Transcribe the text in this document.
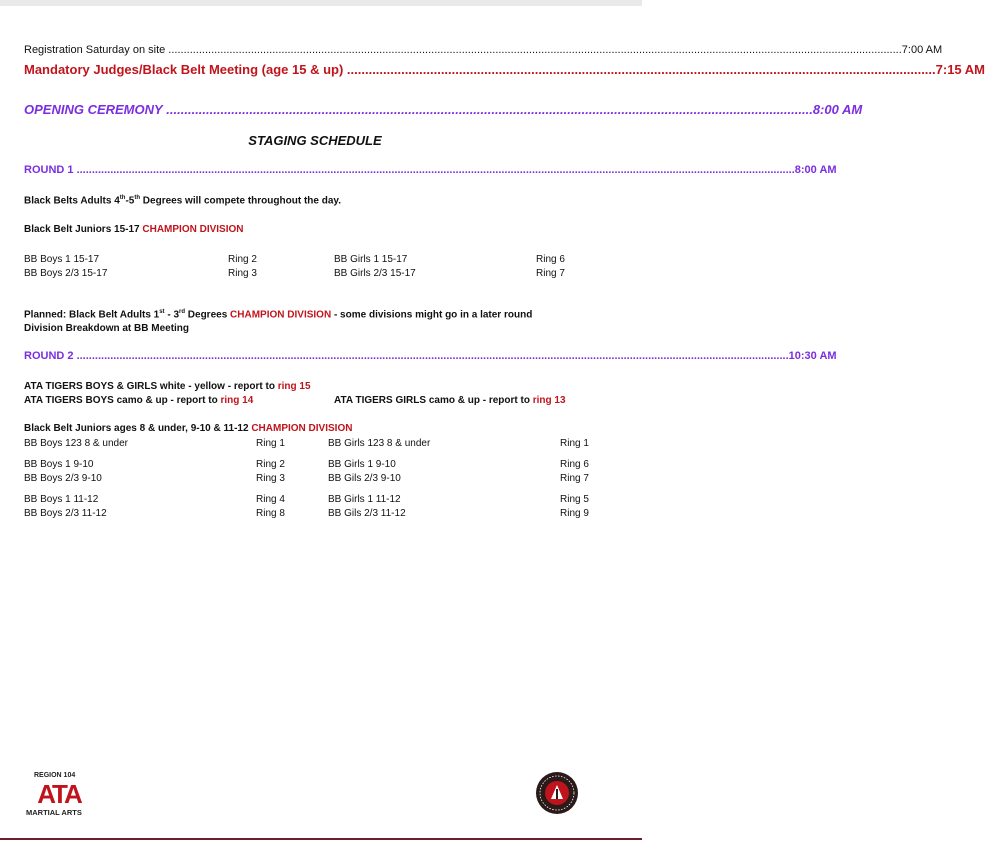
Registration Saturday on site ................................................................................................................................................................................................................................................ 7:00 AM
Mandatory Judges/Black Belt Meeting (age 15 & up) ................................................................................................................................................................... 7:15 AM
OPENING CEREMONY ................................................................................................................................................................................... 8:00 AM
STAGING SCHEDULE
ROUND 1 ........................................................................................................................................................................................................................................... 8:00 AM
Black Belts Adults 4th-5th Degrees will compete throughout the day.
Black Belt Juniors 15-17 CHAMPION DIVISION
BB Boys 1 15-17	Ring 2	BB Girls 1 15-17	Ring 6
BB Boys 2/3 15-17	Ring 3	BB Girls 2/3 15-17	Ring 7
Planned: Black Belt Adults 1st - 3rd Degrees CHAMPION DIVISION - some divisions might go in a later round
Division Breakdown at BB Meeting
ROUND 2 ......................................................................................................................................................................................................................................... 10:30 AM
ATA TIGERS BOYS & GIRLS white - yellow - report to ring 15
ATA TIGERS BOYS camo & up - report to ring 14	ATA TIGERS GIRLS camo & up - report to ring 13
Black Belt Juniors ages 8 & under, 9-10 & 11-12 CHAMPION DIVISION
BB Boys 123 8 & under	Ring 1	BB Girls 123 8 & under	Ring 1
BB Boys 1 9-10	Ring 2	BB Girls 1 9-10	Ring 6
BB Boys 2/3 9-10	Ring 3	BB Gils 2/3 9-10	Ring 7
BB Boys 1 11-12	Ring 4	BB Girls 1 11-12	Ring 5
BB Boys 2/3 11-12	Ring 8	BB Gils 2/3 11-12	Ring 9
REGION 104
ATA
MARTIAL ARTS
